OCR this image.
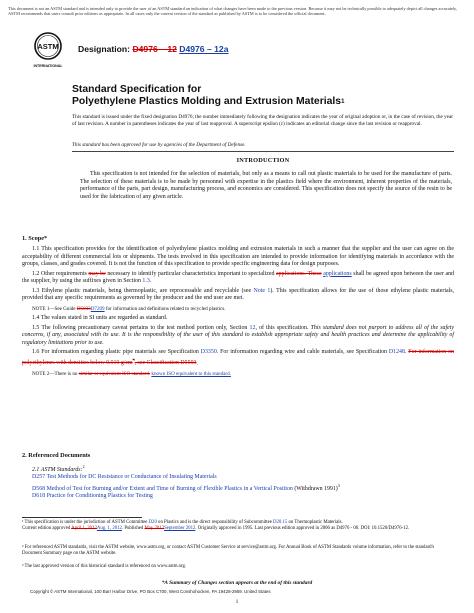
This document is not an ASTM standard and is intended only to provide the user of an ASTM standard an indication of what changes have been made to the previous version. Because it may not be technically possible to adequately depict all changes accurately, ASTM recommends that users consult prior editions as appropriate. In all cases only the current version of the standard as published by ASTM is to be considered the official document.
ASTM
INTERNATIONAL
Designation: D4976 – 12 D4976 – 12a
Standard Specification for
Polyethylene Plastics Molding and Extrusion Materials$^1$
This standard is issued under the fixed designation D4976; the number immediately following the designation indicates the year of original adoption or, in the case of revision, the year of last revision. A number in parentheses indicates the year of last reapproval. A superscript epsilon (ε) indicates an editorial change since the last revision or reapproval.
This standard has been approved for use by agencies of the Department of Defense.
INTRODUCTION
This specification is not intended for the selection of materials, but only as a means to call out plastic materials to be used for the manufacture of parts. The selection of these materials is to be made by personnel with expertise in the plastics field where the environment, inherent properties of the materials, performance of the parts, part design, manufacturing process, and economics are considered. This specification does not specify the source of the resin to be used for the fabrication of any given article.
1. Scope*
1.1 This specification provides for the identification of polyethylene plastics molding and extrusion materials in such a manner that the supplier and the user can agree on the acceptability of different commercial lots or shipments. The tests involved in this specification are intended to provide information for identifying materials in accordance with the groups, classes, and grades covered. It is not the function of this specification to provide specific engineering data for design purposes.
1.2 Other requirements may be necessary to identify particular characteristics important to specialized applications. These applications shall be agreed upon between the user and the supplier, by using the suffixes given in Section 1.3.
1.3 Ethylene plastic materials, being thermoplastic, are reprocessable and recyclable (see Note 1). This specification allows for the use of those ethylene plastic materials, provided that any specific requirements as governed by the producer and the end user are met.
NOTE 1—See Guide D5033D7209 for information and definitions related to recycled plastics.
1.4 The values stated in SI units are regarded as standard.
1.5 The following precautionary caveat pertains to the test method portion only, Section 12, of this specification. This standard does not purport to address all of the safety concerns, if any, associated with its use. It is the responsibility of the user of this standard to establish appropriate safety and health practices and determine the applicability of regulatory limitations prior to use.
1.6 For information regarding plastic pipe materials see Specification D3350. For information regarding wire and cable materials, see Specification D1248. For information on polyethylenes with densities below 0.910 $g/cm^3$, see Classification D5593.
NOTE 2—There is no similar or equivalent ISO standard. known ISO equivalent to this standard.
2. Referenced Documents
2.1 ASTM Standards:$^2$
D257 Test Methods for DC Resistance or Conductance of Insulating Materials
D568 Method of Test for Burning and/or Extent and Time of Burning of Flexible Plastics in a Vertical Position (Withdrawn 1991)$^3$
D618 Practice for Conditioning Plastics for Testing
¹ This specification is under the jurisdiction of ASTM Committee D20 on Plastics and is the direct responsibility of Subcommittee D20.15 on Thermoplastic Materials.
Current edition approved April 1, 2012Aug. 1, 2012. Published May 2012September 2012. Originally approved in 1995. Last previous edition approved in 2006 as D4976 - 06. DOI: 10.1520/D4976-12.
² For referenced ASTM standards, visit the ASTM website, www.astm.org, or contact ASTM Customer Service at service@astm.org. For Annual Book of ASTM Standards volume information, refer to the standard's Document Summary page on the ASTM website.
³ The last approved version of this historical standard is referenced on www.astm.org.
*A Summary of Changes section appears at the end of this standard
Copyright © ASTM International, 100 Barr Harbor Drive, PO Box C700, West Conshohocken, PA 19428-2959. United States
1
